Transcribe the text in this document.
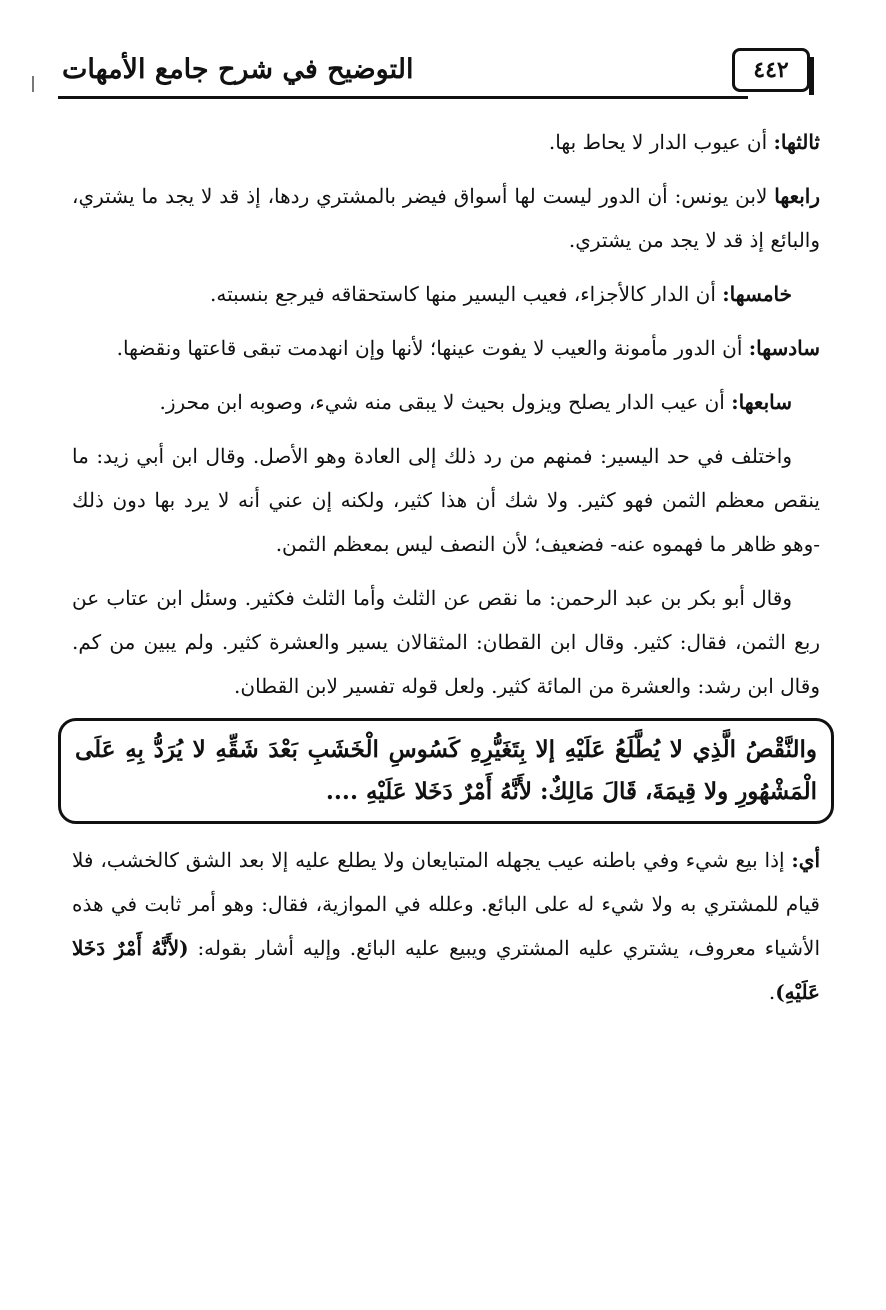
٤٤٢
التوضيح في شرح جامع الأمهات

ثالثها: أن عيوب الدار لا يحاط بها.

رابعها لابن يونس: أن الدور ليست لها أسواق فيضر بالمشتري ردها، إذ قد لا يجد ما يشتري، والبائع إذ قد لا يجد من يشتري.

خامسها: أن الدار كالأجزاء، فعيب اليسير منها كاستحقاقه فيرجع بنسبته.

سادسها: أن الدور مأمونة والعيب لا يفوت عينها؛ لأنها وإن انهدمت تبقى قاعتها ونقضها.

سابعها: أن عيب الدار يصلح ويزول بحيث لا يبقى منه شيء، وصوبه ابن محرز.

واختلف في حد اليسير: فمنهم من رد ذلك إلى العادة وهو الأصل. وقال ابن أبي زيد: ما ينقص معظم الثمن فهو كثير. ولا شك أن هذا كثير، ولكنه إن عني أنه لا يرد بها دون ذلك -وهو ظاهر ما فهموه عنه- فضعيف؛ لأن النصف ليس بمعظم الثمن.

وقال أبو بكر بن عبد الرحمن: ما نقص عن الثلث وأما الثلث فكثير. وسئل ابن عتاب عن ربع الثمن، فقال: كثير. وقال ابن القطان: المثقالان يسير والعشرة كثير. ولم يبين من كم. وقال ابن رشد: والعشرة من المائة كثير. ولعل قوله تفسير لابن القطان.

والنَّقْصُ الَّذِي لا يُطَّلَعُ عَلَيْهِ إلا بِتَغَيُّرِهِ كَسُوسِ الْخَشَبِ بَعْدَ شَقِّهِ لا يُرَدُّ بِهِ عَلَى الْمَشْهُورِ ولا قِيمَةَ، قَالَ مَالِكٌ: لأَنَّهُ أَمْرٌ دَخَلا عَلَيْهِ ....

أي: إذا بيع شيء وفي باطنه عيب يجهله المتبايعان ولا يطلع عليه إلا بعد الشق كالخشب، فلا قيام للمشتري به ولا شيء له على البائع. وعلله في الموازية، فقال: وهو أمر ثابت في هذه الأشياء معروف، يشتري عليه المشتري ويبيع عليه البائع. وإليه أشار بقوله: (لأَنَّهُ أَمْرٌ دَخَلا عَلَيْهِ).
